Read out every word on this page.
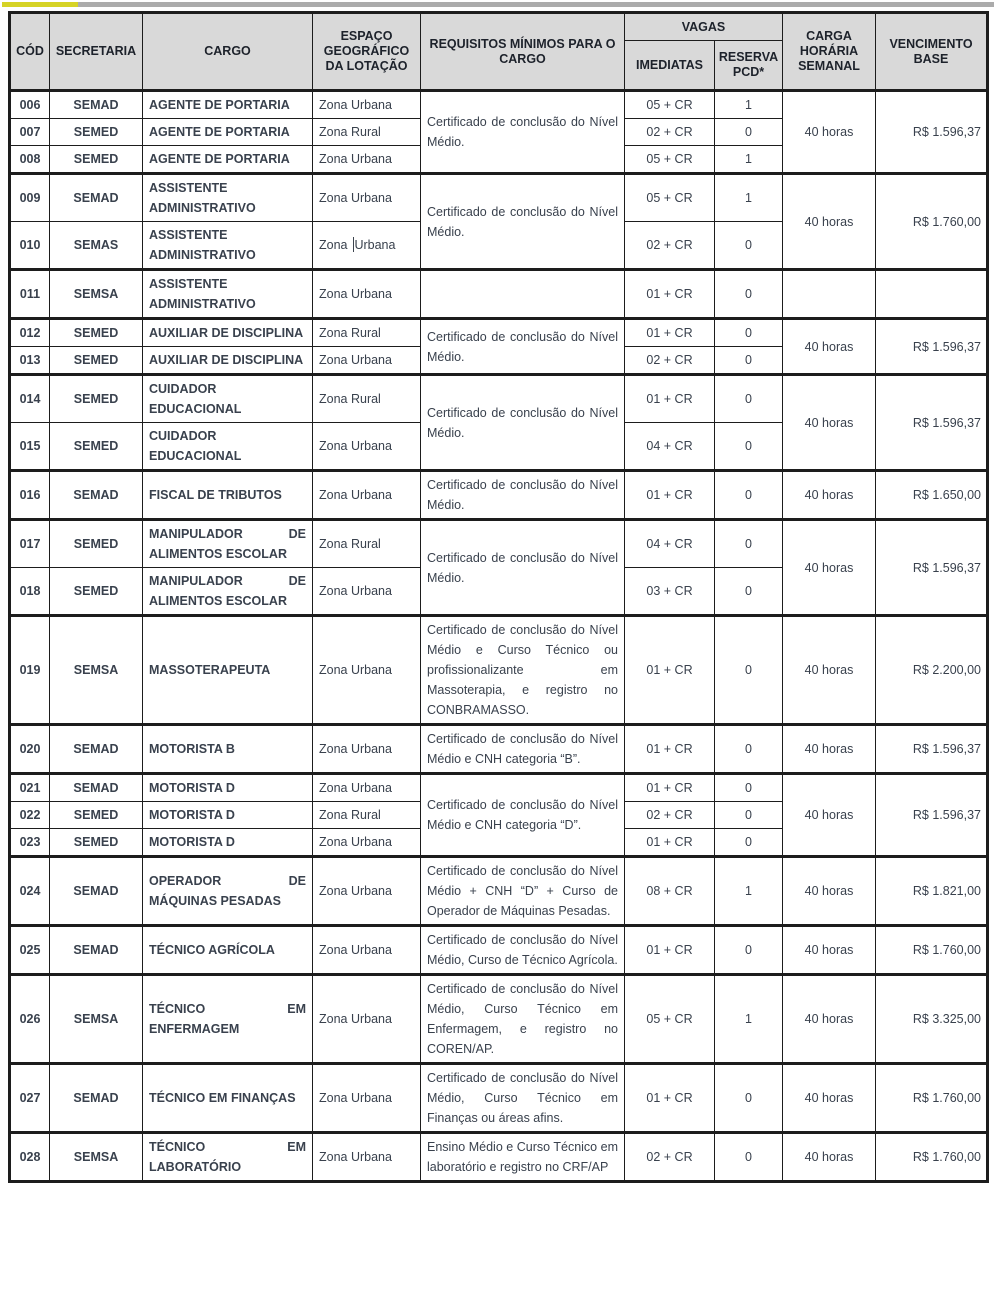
CÓD	SECRETARIA	CARGO	ESPAÇO GEOGRÁFICO DA LOTAÇÃO	REQUISITOS MÍNIMOS PARA O CARGO	VAGAS		CARGA HORÁRIA SEMANAL	VENCIMENTO BASE
					IMEDIATAS	RESERVA PCD*		
006	SEMAD	AGENTE DE PORTARIA	Zona Urbana	Certificado de conclusão do Nível Médio.	05 + CR	1	40 horas	R$ 1.596,37
007	SEMED	AGENTE DE PORTARIA	Zona Rural		02 + CR	0		
008	SEMED	AGENTE DE PORTARIA	Zona Urbana		05 + CR	1		
009	SEMAD	ASSISTENTE ADMINISTRATIVO	Zona Urbana	Certificado de conclusão do Nível Médio.	05 + CR	1	40 horas	R$ 1.760,00
010	SEMAS	ASSISTENTE ADMINISTRATIVO	Zona Urbana		02 + CR	0		
011	SEMSA	ASSISTENTE ADMINISTRATIVO	Zona Urbana		01 + CR	0		
012	SEMED	AUXILIAR DE DISCIPLINA	Zona Rural	Certificado de conclusão do Nível Médio.	01 + CR	0	40 horas	R$ 1.596,37
013	SEMED	AUXILIAR DE DISCIPLINA	Zona Urbana		02 + CR	0		
014	SEMED	CUIDADOR EDUCACIONAL	Zona Rural	Certificado de conclusão do Nível Médio.	01 + CR	0	40 horas	R$ 1.596,37
015	SEMED	CUIDADOR EDUCACIONAL	Zona Urbana		04 + CR	0		
016	SEMAD	FISCAL DE TRIBUTOS	Zona Urbana	Certificado de conclusão do Nível Médio.	01 + CR	0	40 horas	R$ 1.650,00
017	SEMED	MANIPULADOR DE ALIMENTOS ESCOLAR	Zona Rural	Certificado de conclusão do Nível Médio.	04 + CR	0	40 horas	R$ 1.596,37
018	SEMED	MANIPULADOR DE ALIMENTOS ESCOLAR	Zona Urbana		03 + CR	0		
019	SEMSA	MASSOTERAPEUTA	Zona Urbana	Certificado de conclusão do Nível Médio e Curso Técnico ou profissionalizante em Massoterapia, e registro no CONBRAMASSO.	01 + CR	0	40 horas	R$ 2.200,00
020	SEMAD	MOTORISTA B	Zona Urbana	Certificado de conclusão do Nível Médio e CNH categoria “B”.	01 + CR	0	40 horas	R$ 1.596,37
021	SEMAD	MOTORISTA D	Zona Urbana	Certificado de conclusão do Nível Médio e CNH categoria “D”.	01 + CR	0	40 horas	R$ 1.596,37
022	SEMED	MOTORISTA D	Zona Rural		02 + CR	0		
023	SEMED	MOTORISTA D	Zona Urbana		01 + CR	0		
024	SEMAD	OPERADOR DE MÁQUINAS PESADAS	Zona Urbana	Certificado de conclusão do Nível Médio + CNH “D” + Curso de Operador de Máquinas Pesadas.	08 + CR	1	40 horas	R$ 1.821,00
025	SEMAD	TÉCNICO AGRÍCOLA	Zona Urbana	Certificado de conclusão do Nível Médio, Curso de Técnico Agrícola.	01 + CR	0	40 horas	R$ 1.760,00
026	SEMSA	TÉCNICO EM ENFERMAGEM	Zona Urbana	Certificado de conclusão do Nível Médio, Curso Técnico em Enfermagem, e registro no COREN/AP.	05 + CR	1	40 horas	R$ 3.325,00
027	SEMAD	TÉCNICO EM FINANÇAS	Zona Urbana	Certificado de conclusão do Nível Médio, Curso Técnico em Finanças ou áreas afins.	01 + CR	0	40 horas	R$ 1.760,00
028	SEMSA	TÉCNICO EM LABORATÓRIO	Zona Urbana	Ensino Médio e Curso Técnico em laboratório e registro no CRF/AP	02 + CR	0	40 horas	R$ 1.760,00
